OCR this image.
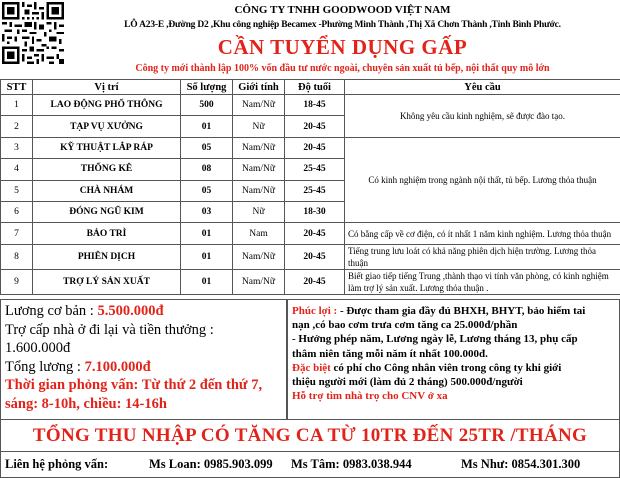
CÔNG TY TNHH GOODWOOD VIỆT NAM
LÔ A23-E ,Đường D2 ,Khu công nghiệp Becamex -Phường Minh Thành ,Thị Xã Chơn Thành ,Tỉnh Bình Phước.
CẦN TUYỂN DỤNG GẤP
Công ty mới thành lập 100% vốn đầu tư nước ngoài, chuyên sản xuất tủ bếp, nội thất quy mô lớn
STT	Vị trí	Số lượng	Giới tính	Độ tuổi	Yêu cầu
1	LAO ĐỘNG PHỔ THÔNG	500	Nam/Nữ	18-45	Không yêu cầu kinh nghiệm, sẽ được đào tạo.
2	TẠP VỤ XƯỞNG	01	Nữ	20-45	
3	KỸ THUẬT LẮP RÁP	05	Nam/Nữ	20-45	Có kinh nghiệm trong ngành nội thất, tủ bếp. Lương thỏa thuận
4	THỐNG KÊ	08	Nam/Nữ	25-45	
5	CHÀ NHÁM	05	Nam/Nữ	25-45	
6	ĐÓNG NGŨ KIM	03	Nữ	18-30	
7	BẢO TRÌ	01	Nam	20-45	Có bằng cấp về cơ điện, có ít nhất 1 năm kinh nghiệm. Lương thỏa thuận
8	PHIÊN DỊCH	01	Nam/Nữ	20-45	Tiếng trung lưu loát có khả năng phiên dịch hiện trường. Lương thỏa thuận
9	TRỢ LÝ SẢN XUẤT	01	Nam/Nữ	20-45	Biết giao tiếp tiếng Trung ,thành thạo vi tính văn phòng, có kinh nghiệm làm trợ lý sản xuất. Lương thỏa thuận .
Lương cơ bản : 5.500.000đ
Trợ cấp nhà ở đi lại và tiền thưởng :
1.600.000đ
Tổng lương : 7.100.000đ
Thời gian phỏng vấn: Từ thứ 2 đến thứ 7,
sáng: 8-10h, chiều: 14-16h
Phúc lợi : - Được tham gia đầy đủ BHXH, BHYT, bảo hiểm tai
nạn ,có bao cơm trưa cơm tăng ca 25.000đ/phần
- Hưởng phép năm, Lương ngày lễ, Lương tháng 13, phụ cấp
thâm niên tăng mỗi năm ít nhất 100.000đ.
Đặc biệt có phí cho Công nhân viên trong công ty khi giới
thiệu người mới (làm đủ 2 tháng) 500.000đ/người
Hỗ trợ tìm nhà trọ cho CNV ở xa
TỔNG THU NHẬP CÓ TĂNG CA TỪ 10TR ĐẾN 25TR /THÁNG
Liên hệ phỏng vấn:	Ms Loan: 0985.903.099 Ms Tâm: 0983.038.944	Ms Như: 0854.301.300
